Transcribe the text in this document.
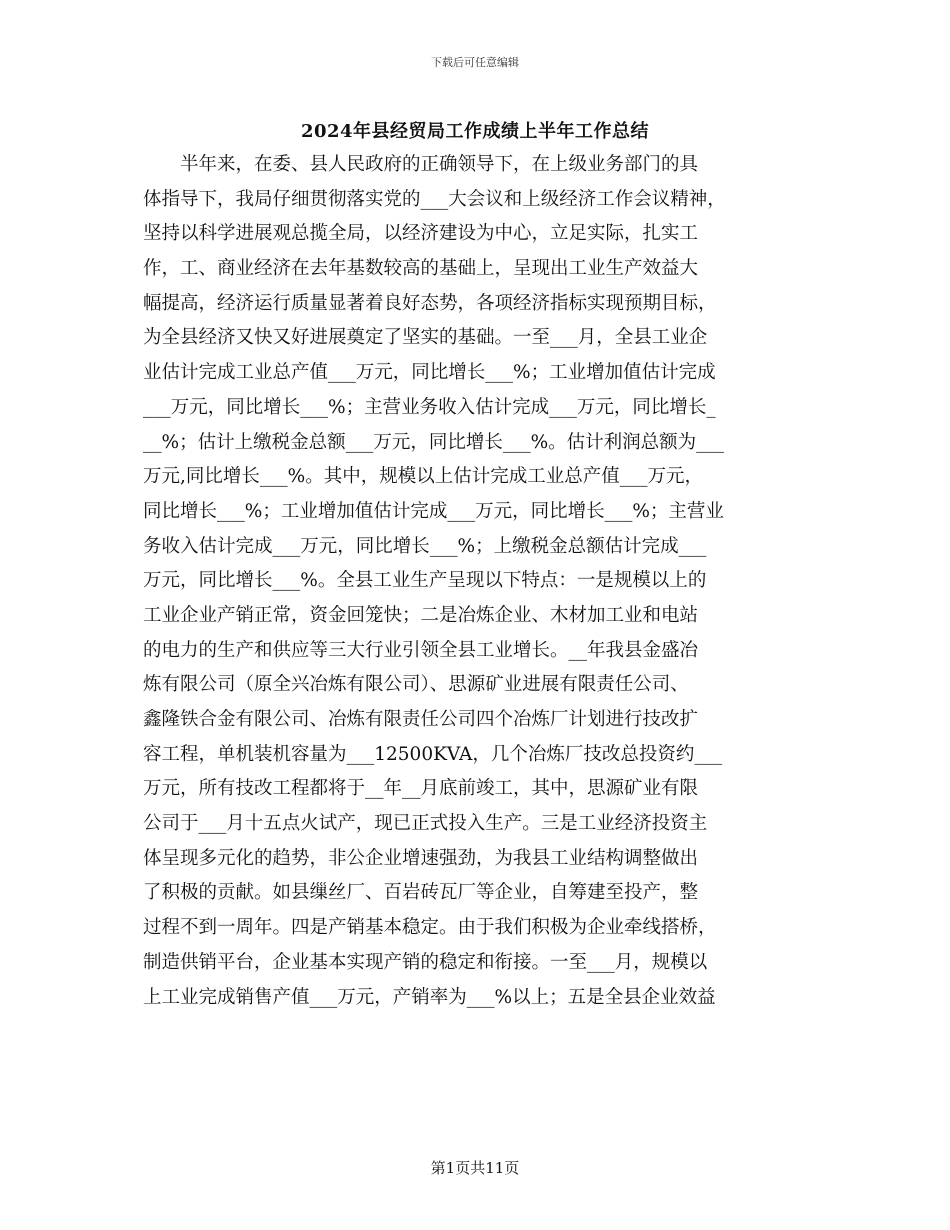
下载后可任意编辑
2024年县经贸局工作成绩上半年工作总结
　　半年来，在委、县人民政府的正确领导下，在上级业务部门的具
体指导下，我局仔细贯彻落实党的___大会议和上级经济工作会议精神，
坚持以科学进展观总揽全局，以经济建设为中心，立足实际，扎实工
作，工、商业经济在去年基数较高的基础上，呈现出工业生产效益大
幅提高，经济运行质量显著着良好态势，各项经济指标实现预期目标，
为全县经济又快又好进展奠定了坚实的基础。一至___月，全县工业企
业估计完成工业总产值___万元，同比增长___%；工业增加值估计完成
___万元，同比增长___%；主营业务收入估计完成___万元，同比增长_
__%；估计上缴税金总额___万元，同比增长___%。估计利润总额为___
万元,同比增长___%。其中，规模以上估计完成工业总产值___万元，
同比增长___%；工业增加值估计完成___万元，同比增长___%；主营业
务收入估计完成___万元，同比增长___%；上缴税金总额估计完成___
万元，同比增长___%。全县工业生产呈现以下特点：一是规模以上的
工业企业产销正常，资金回笼快；二是冶炼企业、木材加工业和电站
的电力的生产和供应等三大行业引领全县工业增长。__年我县金盛冶
炼有限公司（原全兴冶炼有限公司）、思源矿业进展有限责任公司、
鑫隆铁合金有限公司、冶炼有限责任公司四个冶炼厂计划进行技改扩
容工程，单机装机容量为___12500KVA，几个冶炼厂技改总投资约___
万元，所有技改工程都将于__年__月底前竣工，其中，思源矿业有限
公司于___月十五点火试产，现已正式投入生产。三是工业经济投资主
体呈现多元化的趋势，非公企业增速强劲，为我县工业结构调整做出
了积极的贡献。如县缫丝厂、百岩砖瓦厂等企业，自筹建至投产，整
过程不到一周年。四是产销基本稳定。由于我们积极为企业牵线搭桥，
制造供销平台，企业基本实现产销的稳定和衔接。一至___月，规模以
上工业完成销售产值___万元，产销率为___%以上；五是全县企业效益
第1页共11页
